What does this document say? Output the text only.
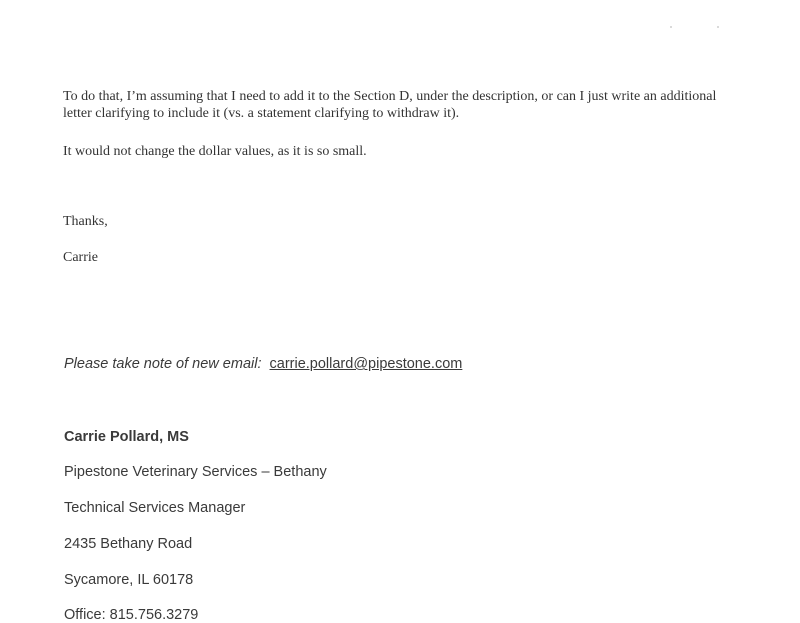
To do that, I’m assuming that I need to add it to the Section D, under the description, or can I just write an additional letter clarifying to include it (vs. a statement clarifying to withdraw it).

It would not change the dollar values, as it is so small.

Thanks,

Carrie

Please take note of new email: carrie.pollard@pipestone.com

Carrie Pollard, MS

Pipestone Veterinary Services – Bethany

Technical Services Manager

2435 Bethany Road

Sycamore, IL 60178

Office: 815.756.3279
